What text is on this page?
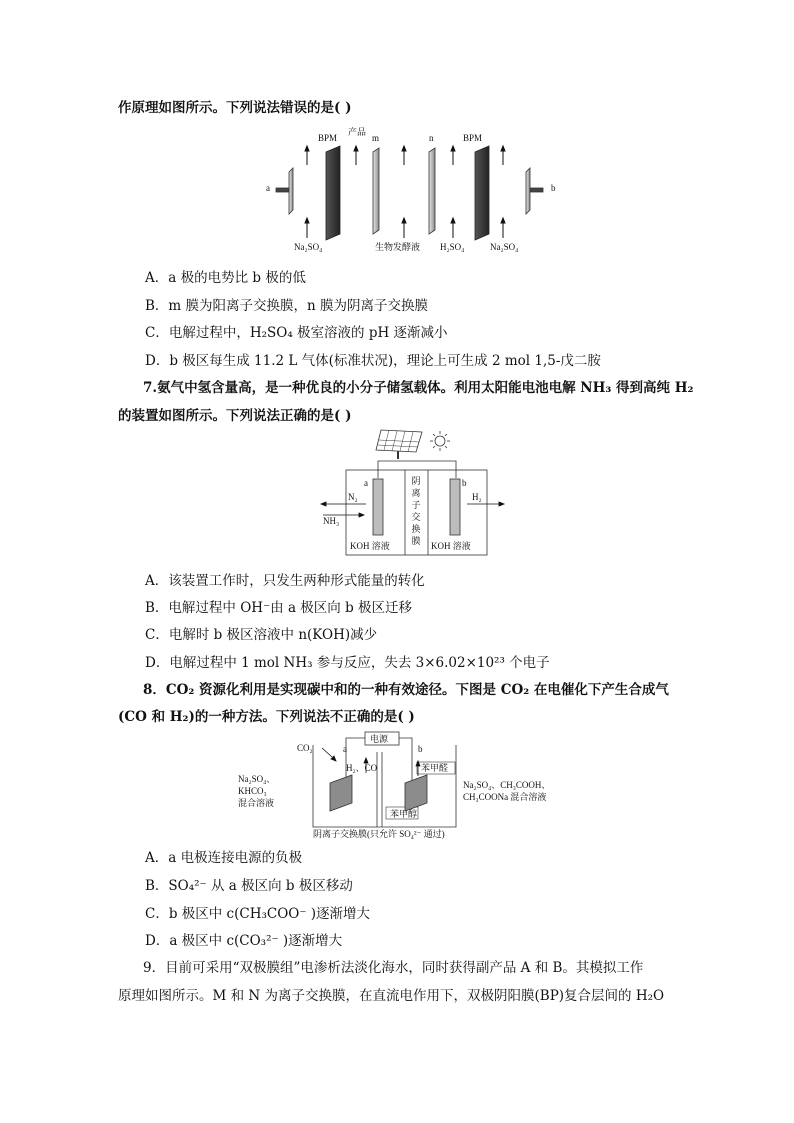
作原理如图所示。下列说法错误的是( )
BPM
产品
m	n	BPM
a	b
Na₂SO₄	生物发酵液 H₂SO₄	Na₂SO₄
A．a 极的电势比 b 极的低
B．m 膜为阳离子交换膜，n 膜为阴离子交换膜
C．电解过程中，H₂SO₄ 极室溶液的 pH 逐渐减小
D．b 极区每生成 11.2 L 气体(标准状况)，理论上可生成 2 mol 1,5-戊二胺
7.氨气中氢含量高，是一种优良的小分子储氢载体。利用太阳能电池电解 NH₃ 得到高纯 H₂
的装置如图所示。下列说法正确的是( )
a	b
N₂
NH₃
H₂
KOH 溶液	KOH 溶液
阴
离
子
交
换
膜
A．该装置工作时，只发生两种形式能量的转化
B．电解过程中 OH⁻由 a 极区向 b 极区迁移
C．电解时 b 极区溶液中 n(KOH)减少
D．电解过程中 1 mol NH₃ 参与反应，失去 3×6.02×10²³ 个电子
8．CO₂ 资源化利用是实现碳中和的一种有效途径。下图是 CO₂ 在电催化下产生合成气
(CO 和 H₂)的一种方法。下列说法不正确的是( )
电源
a	b
CO₂
H₂、CO	苯甲醛
苯甲醇
Na₂SO₄、
KHCO₃
混合溶液
Na₂SO₄、CH₃COOH、
CH₃COONa 混合溶液
阴离子交换膜(只允许 SO₄²⁻ 通过)
A．a 电极连接电源的负极
B．SO₄²⁻ 从 a 极区向 b 极区移动
C．b 极区中 c(CH₃COO⁻ )逐渐增大
D．a 极区中 c(CO₃²⁻ )逐渐增大
9．目前可采用“双极膜组”电渗析法淡化海水，同时获得副产品 A 和 B。其模拟工作
原理如图所示。M 和 N 为离子交换膜，在直流电作用下，双极阴阳膜(BP)复合层间的 H₂O
